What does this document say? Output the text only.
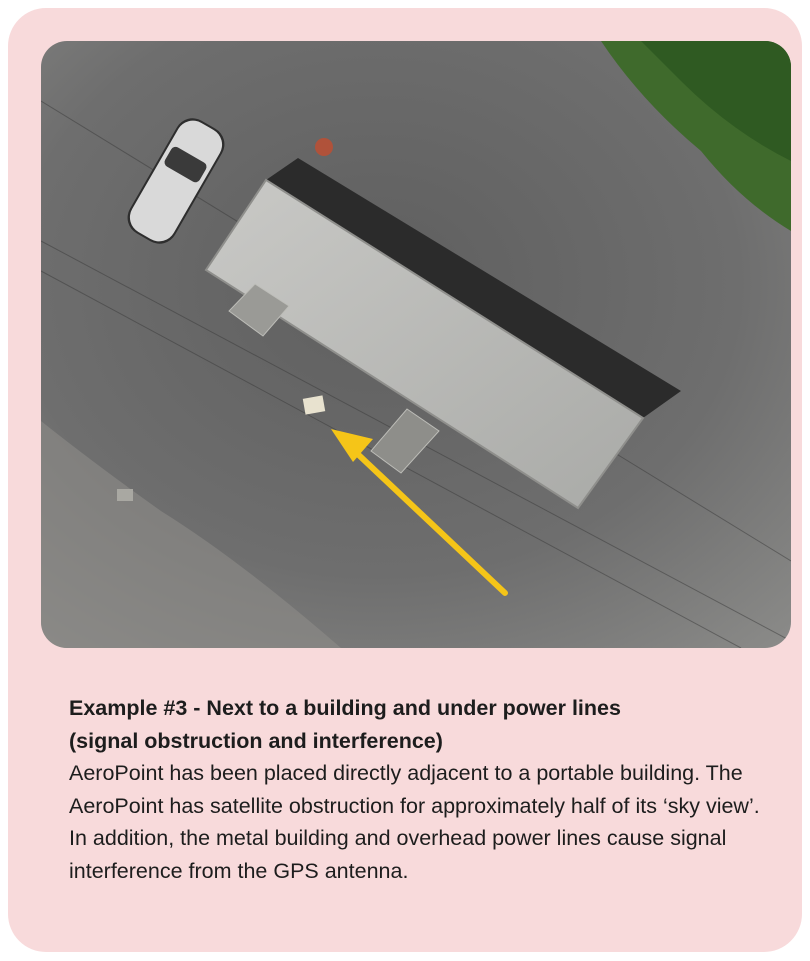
Example #3 - Next to a building and under power lines
(signal obstruction and interference)
AeroPoint has been placed directly adjacent to a portable building. The AeroPoint has satellite obstruction for approximately half of its ‘sky view’. In addition, the metal building and overhead power lines cause signal interference from the GPS antenna.
